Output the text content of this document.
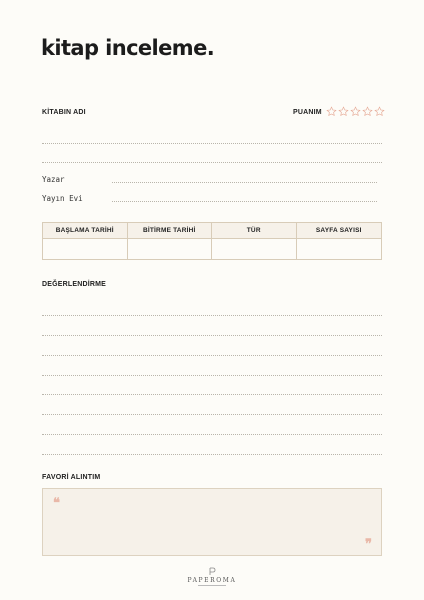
kitap inceleme.
KİTABIN ADI	PUANIM
Yazar
Yayın Evi
BAŞLAMA TARİHİ	BİTİRME TARİHİ	TÜR	SAYFA SAYISI
DEĞERLENDİRME
FAVORİ ALINTIM
❝
❞
PAPEROMA
